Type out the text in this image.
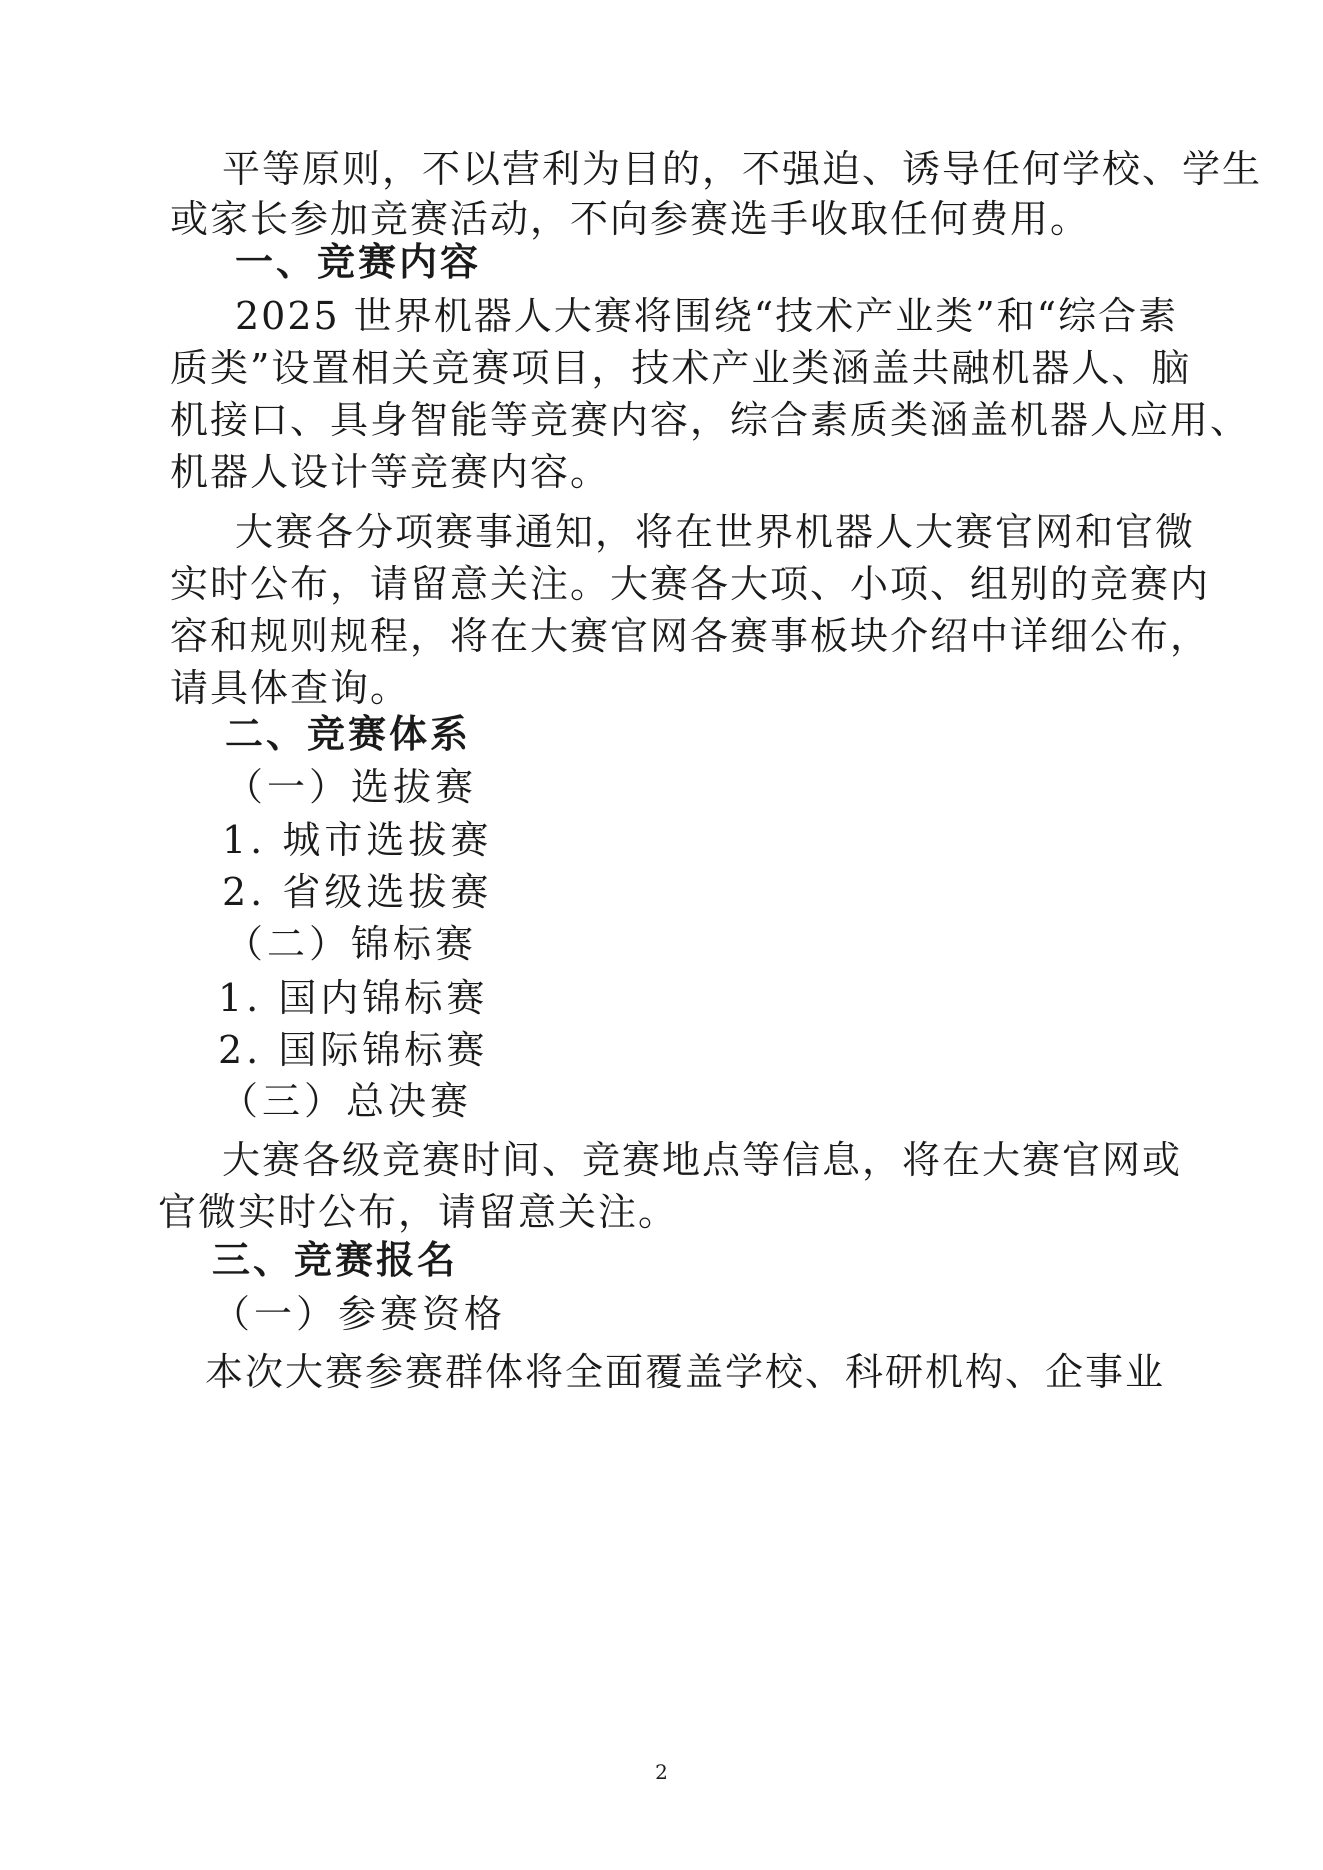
平等原则，不以营利为目的，不强迫、诱导任何学校、学生
或家长参加竞赛活动，不向参赛选手收取任何费用。
一、竞赛内容
2025 世界机器人大赛将围绕“技术产业类”和“综合素
质类”设置相关竞赛项目，技术产业类涵盖共融机器人、脑
机接口、具身智能等竞赛内容，综合素质类涵盖机器人应用、
机器人设计等竞赛内容。
大赛各分项赛事通知，将在世界机器人大赛官网和官微
实时公布，请留意关注。大赛各大项、小项、组别的竞赛内
容和规则规程，将在大赛官网各赛事板块介绍中详细公布，
请具体查询。
二、竞赛体系
（一）选拔赛
1. 城市选拔赛
2. 省级选拔赛
（二）锦标赛
1. 国内锦标赛
2. 国际锦标赛
（三）总决赛
大赛各级竞赛时间、竞赛地点等信息，将在大赛官网或
官微实时公布，请留意关注。
三、竞赛报名
（一）参赛资格
本次大赛参赛群体将全面覆盖学校、科研机构、企事业
2
